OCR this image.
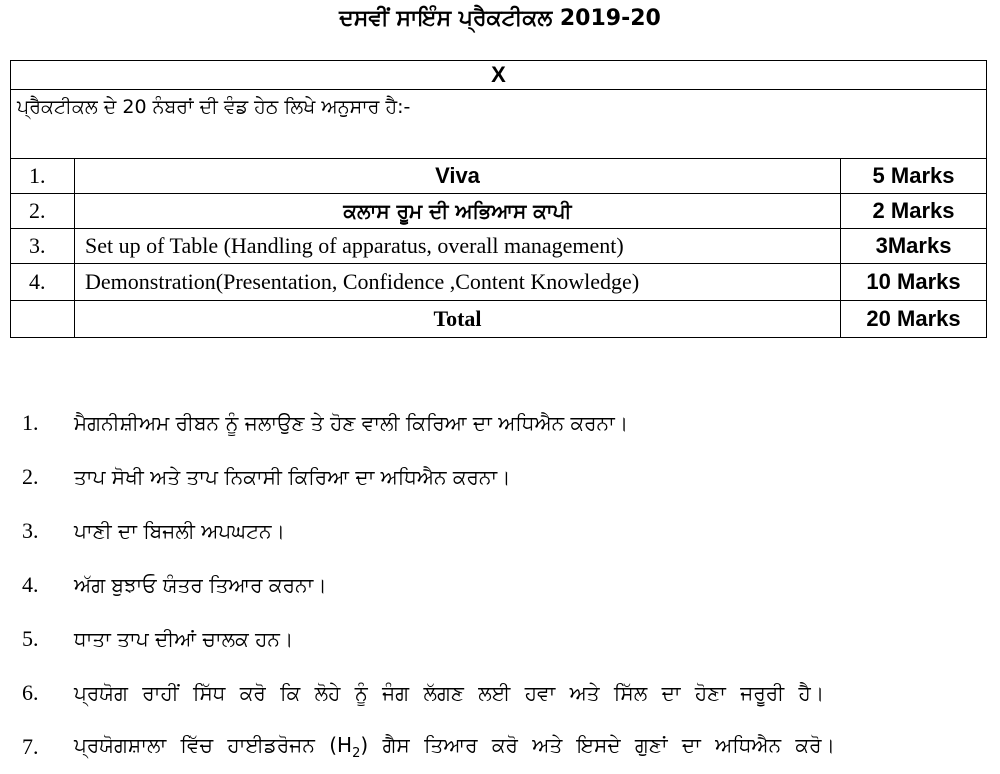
ਦਸਵੀਂ ਸਾਇੰਸ ਪ੍ਰੈਕਟੀਕਲ 2019-20
X		
ਪ੍ਰੈਕਟੀਕਲ ਦੇ 20 ਨੰਬਰਾਂ ਦੀ ਵੰਡ ਹੇਠ ਲਿਖੇ ਅਨੁਸਾਰ ਹੈ:-		
1.	Viva	5 Marks
2.	ਕਲਾਸ ਰੂਮ ਦੀ ਅਭਿਆਸ ਕਾਪੀ	2 Marks
3.	Set up of Table (Handling of apparatus, overall management)	3Marks
4.	Demonstration(Presentation, Confidence ,Content Knowledge)	10 Marks
	Total	20 Marks
1.	ਮੈਗਨੀਸ਼ੀਅਮ ਰੀਬਨ ਨੂੰ ਜਲਾਉਣ ਤੇ ਹੋਣ ਵਾਲੀ ਕਿਰਿਆ ਦਾ ਅਧਿਐਨ ਕਰਨਾ।
2.	ਤਾਪ ਸੋਖੀ ਅਤੇ ਤਾਪ ਨਿਕਾਸੀ ਕਿਰਿਆ ਦਾ ਅਧਿਐਨ ਕਰਨਾ।
3.	ਪਾਣੀ ਦਾ ਬਿਜਲੀ ਅਪਘਟਨ।
4.	ਅੱਗ ਬੁਝਾਓ ਯੰਤਰ ਤਿਆਰ ਕਰਨਾ।
5.	ਧਾਤਾ ਤਾਪ ਦੀਆਂ ਚਾਲਕ ਹਨ।
6.	ਪ੍ਰਯੋਗ ਰਾਹੀਂ ਸਿੱਧ ਕਰੋ ਕਿ ਲੋਹੇ ਨੂੰ ਜੰਗ ਲੱਗਣ ਲਈ ਹਵਾ ਅਤੇ ਸਿੱਲ ਦਾ ਹੋਣਾ ਜਰੂਰੀ ਹੈ।
7.	ਪ੍ਰਯੋਗਸ਼ਾਲਾ ਵਿੱਚ ਹਾਈਡਰੋਜਨ $(H_2)$ ਗੈਸ ਤਿਆਰ ਕਰੋ ਅਤੇ ਇਸਦੇ ਗੁਣਾਂ ਦਾ ਅਧਿਐਨ ਕਰੋ।
